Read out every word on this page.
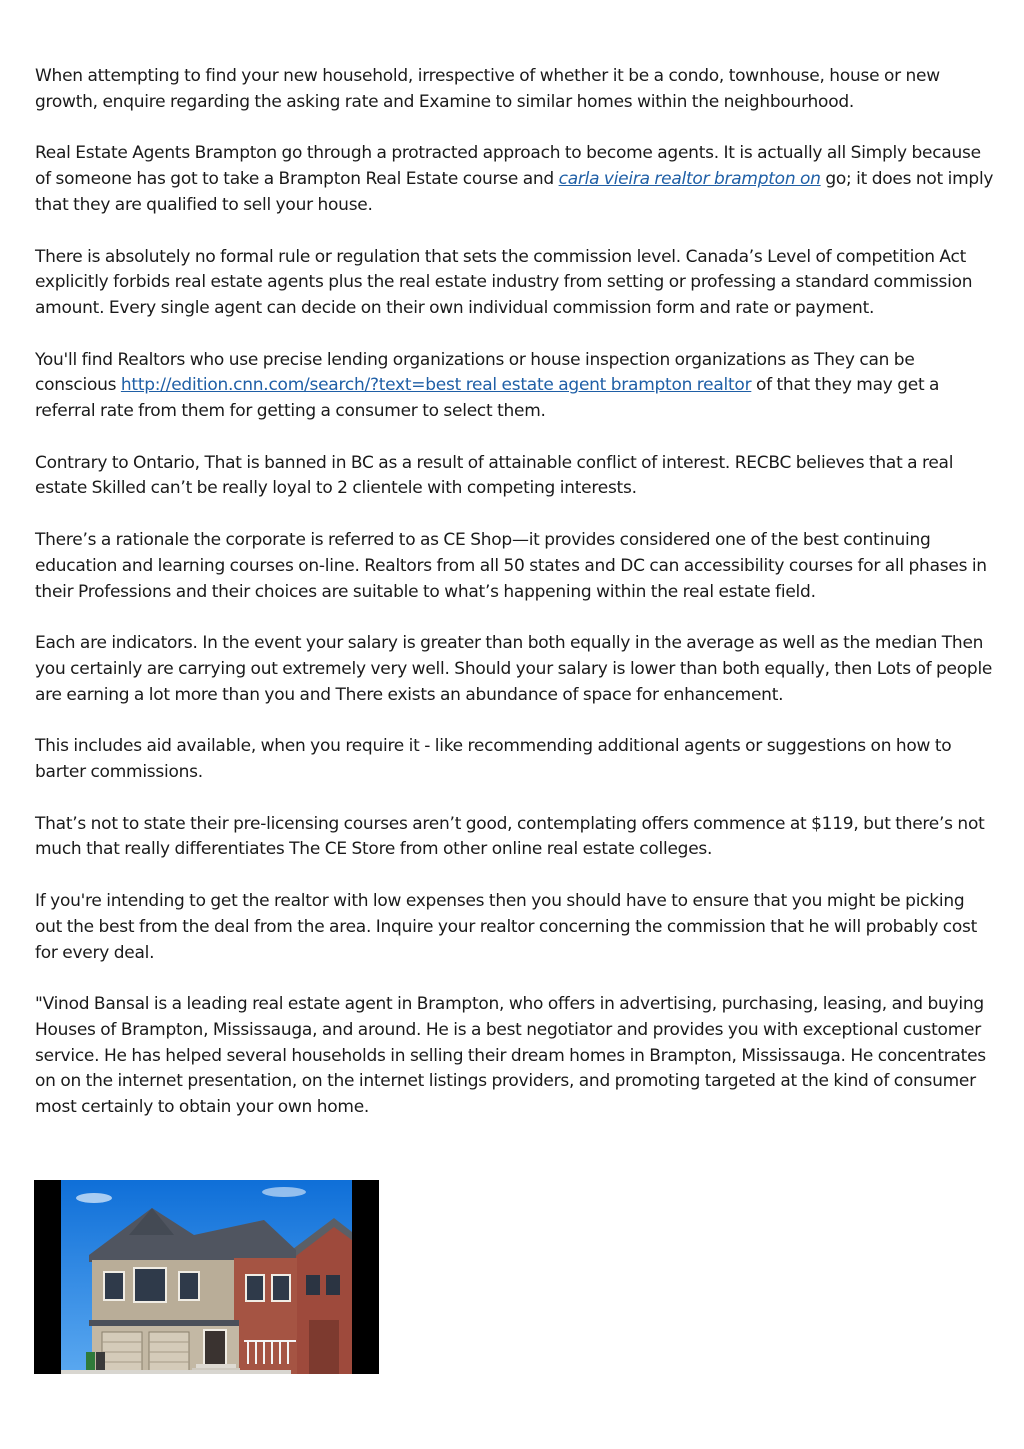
When attempting to find your new household, irrespective of whether it be a condo, townhouse, house or new growth, enquire regarding the asking rate and Examine to similar homes within the neighbourhood.

Real Estate Agents Brampton go through a protracted approach to become agents. It is actually all Simply because of someone has got to take a Brampton Real Estate course and carla vieira realtor brampton on go; it does not imply that they are qualified to sell your house.

There is absolutely no formal rule or regulation that sets the commission level. Canada’s Level of competition Act explicitly forbids real estate agents plus the real estate industry from setting or professing a standard commission amount. Every single agent can decide on their own individual commission form and rate or payment.

You'll find Realtors who use precise lending organizations or house inspection organizations as They can be conscious http://edition.cnn.com/search/?text=best real estate agent brampton realtor of that they may get a referral rate from them for getting a consumer to select them.

Contrary to Ontario, That is banned in BC as a result of attainable conflict of interest. RECBC believes that a real estate Skilled can’t be really loyal to 2 clientele with competing interests.

There’s a rationale the corporate is referred to as CE Shop—it provides considered one of the best continuing education and learning courses on-line. Realtors from all 50 states and DC can accessibility courses for all phases in their Professions and their choices are suitable to what’s happening within the real estate field.

Each are indicators. In the event your salary is greater than both equally in the average as well as the median Then you certainly are carrying out extremely very well. Should your salary is lower than both equally, then Lots of people are earning a lot more than you and There exists an abundance of space for enhancement.

This includes aid available, when you require it - like recommending additional agents or suggestions on how to barter commissions.

That’s not to state their pre-licensing courses aren’t good, contemplating offers commence at $119, but there’s not much that really differentiates The CE Store from other online real estate colleges.

If you're intending to get the realtor with low expenses then you should have to ensure that you might be picking out the best from the deal from the area. Inquire your realtor concerning the commission that he will probably cost for every deal.

"Vinod Bansal is a leading real estate agent in Brampton, who offers in advertising, purchasing, leasing, and buying Houses of Brampton, Mississauga, and around. He is a best negotiator and provides you with exceptional customer service. He has helped several households in selling their dream homes in Brampton, Mississauga. He concentrates on on the internet presentation, on the internet listings providers, and promoting targeted at the kind of consumer most certainly to obtain your own home.
